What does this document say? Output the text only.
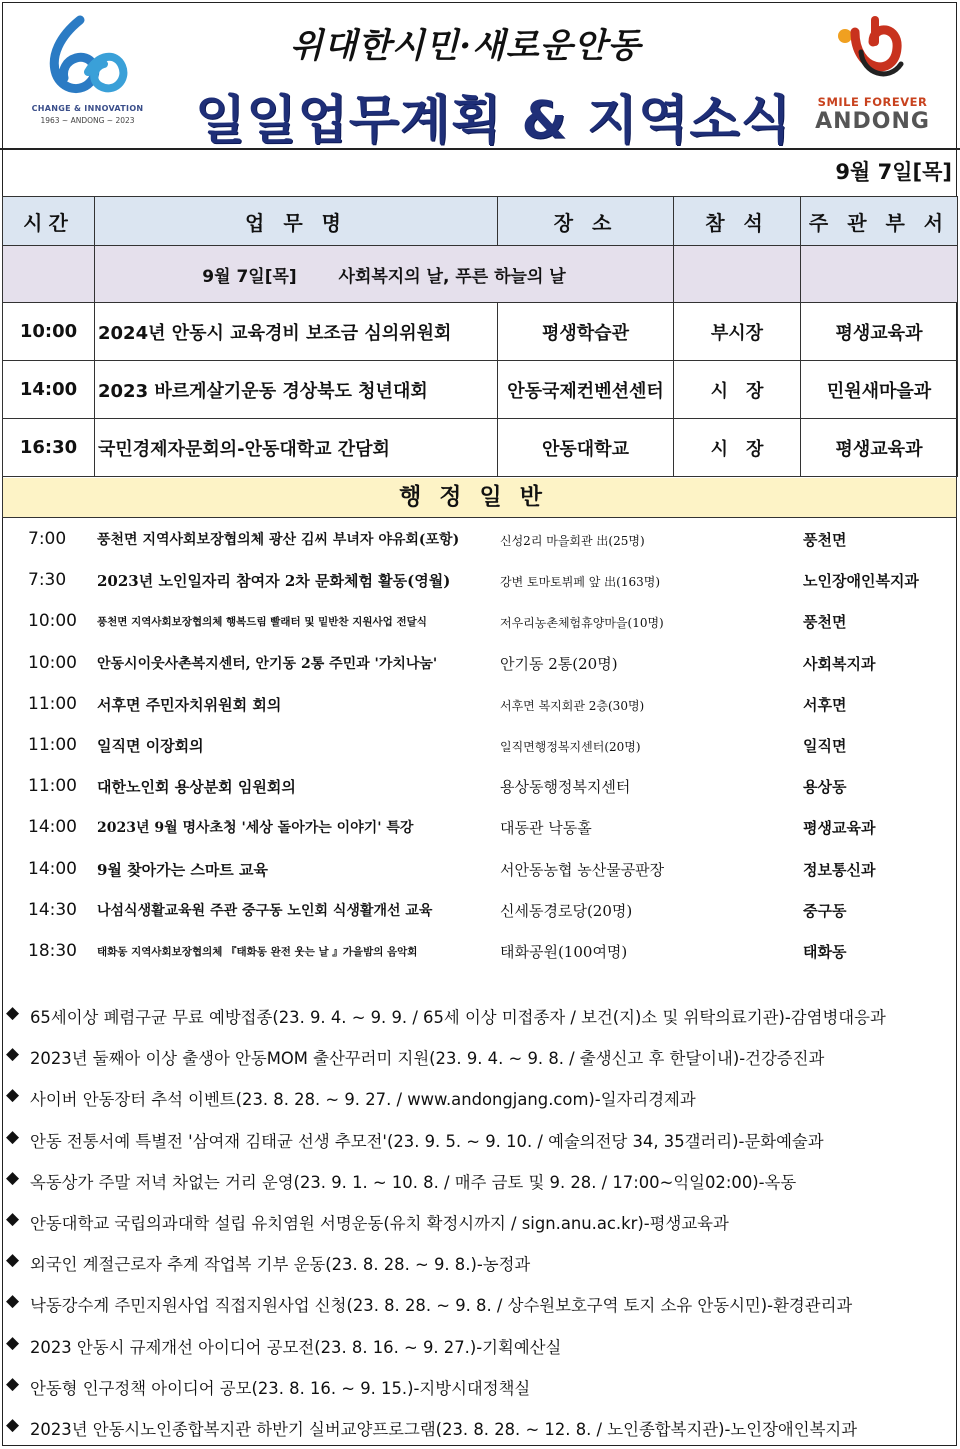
CHANGE & INNOVATION
1963 ~ ANDONG ~ 2023
위대한시민·새로운안동
일일업무계획 & 지역소식 SMILE FOREVER
ANDONG
9월 7일[목]
시간	업 무 명	장 소	참 석	주 관 부 서

	9월 7일[목] 사회복지의 날, 푸른 하늘의 날			

10:00	2024년 안동시 교육경비 보조금 심의위원회	평생학습관	부시장	평생교육과
14:00	2023 바르게살기운동 경상북도 청년대회	안동국제컨벤션센터	시　장	민원새마을과
16:30	국민경제자문회의-안동대학교 간담회	안동대학교	시　장	평생교육과
행정일반
7:00	풍천면 지역사회보장협의체 광산 김씨 부녀자 야유회(포항)	신성2리 마을회관 出(25명)	풍천면
7:30	2023년 노인일자리 참여자 2차 문화체험 활동(영월)	강변 토마토뷔페 앞 出(163명)	노인장애인복지과
10:00	풍천면 지역사회보장협의체 행복드림 빨래터 및 밑반찬 지원사업 전달식	저우리농촌체험휴양마을(10명)	풍천면
10:00	안동시이웃사촌복지센터, 안기동 2통 주민과 '가치나눔'	안기동 2통(20명)	사회복지과
11:00	서후면 주민자치위원회 회의	서후면 복지회관 2층(30명)	서후면
11:00	일직면 이장회의	일직면행정복지센터(20명)	일직면
11:00	대한노인회 용상분회 임원회의	용상동행정복지센터	용상동
14:00	2023년 9월 명사초청 '세상 돌아가는 이야기' 특강	대동관 낙동홀	평생교육과
14:00	9월 찾아가는 스마트 교육	서안동농협 농산물공판장	정보통신과
14:30	나섬식생활교육원 주관 중구동 노인회 식생활개선 교육	신세동경로당(20명)	중구동
18:30	태화동 지역사회보장협의체 『태화동 완전 웃는 날 』가을밤의 음악회	태화공원(100여명)	태화동
◆ 65세이상 폐렴구균 무료 예방접종(23. 9. 4. ~ 9. 9. / 65세 이상 미접종자 / 보건(지)소 및 위탁의료기관)-감염병대응과
◆ 2023년 둘째아 이상 출생아 안동MOM 출산꾸러미 지원(23. 9. 4. ~ 9. 8. / 출생신고 후 한달이내)-건강증진과
◆ 사이버 안동장터 추석 이벤트(23. 8. 28. ~ 9. 27. / www.andongjang.com)-일자리경제과
◆ 안동 전통서예 특별전 '삼여재 김태균 선생 추모전'(23. 9. 5. ~ 9. 10. / 예술의전당 34, 35갤러리)-문화예술과
◆ 옥동상가 주말 저녁 차없는 거리 운영(23. 9. 1. ~ 10. 8. / 매주 금토 및 9. 28. / 17:00~익일02:00)-옥동
◆ 안동대학교 국립의과대학 설립 유치염원 서명운동(유치 확정시까지 / sign.anu.ac.kr)-평생교육과
◆ 외국인 계절근로자 추계 작업복 기부 운동(23. 8. 28. ~ 9. 8.)-농정과
◆ 낙동강수계 주민지원사업 직접지원사업 신청(23. 8. 28. ~ 9. 8. / 상수원보호구역 토지 소유 안동시민)-환경관리과
◆ 2023 안동시 규제개선 아이디어 공모전(23. 8. 16. ~ 9. 27.)-기획예산실
◆ 안동형 인구정책 아이디어 공모(23. 8. 16. ~ 9. 15.)-지방시대정책실
◆ 2023년 안동시노인종합복지관 하반기 실버교양프로그램(23. 8. 28. ~ 12. 8. / 노인종합복지관)-노인장애인복지과
